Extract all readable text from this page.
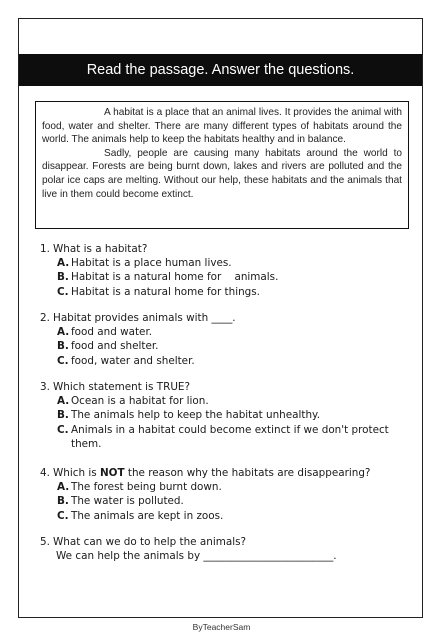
Read the passage. Answer the questions.

A habitat is a place that an animal lives. It provides the animal with food, water and shelter. There are many different types of habitats around the world. The animals help to keep the habitats healthy and in balance.

Sadly, people are causing many habitats around the world to disappear. Forests are being burnt down, lakes and rivers are polluted and the polar ice caps are melting. Without our help, these habitats and the animals that live in them could become extinct.

1. What is a habitat?
A. Habitat is a place human lives.
B. Habitat is a natural home for    animals.
C. Habitat is a natural home for things.
2. Habitat provides animals with ____.
A. food and water.
B. food and shelter.
C. food, water and shelter.
3. Which statement is TRUE?
A. Ocean is a habitat for lion.
B. The animals help to keep the habitat unhealthy.
C. Animals in a habitat could become extinct if we don't protect them.
4. Which is NOT the reason why the habitats are disappearing?
A. The forest being burnt down.
B. The water is polluted.
C. The animals are kept in zoos.
5. What can we do to help the animals?
We can help the animals by _________________________.
ByTeacherSam
